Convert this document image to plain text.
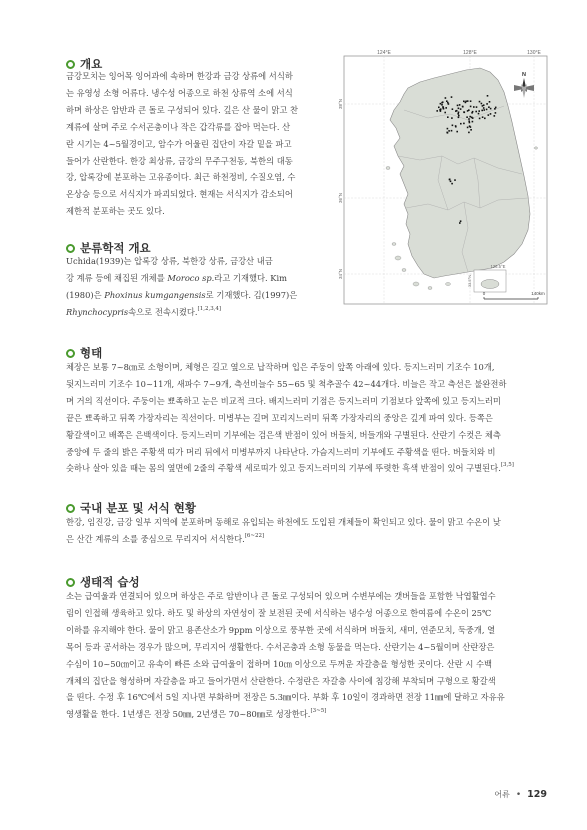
개요
금강모치는 잉어목 잉어과에 속하며 한강과 금강 상류에 서식하
는 유영성 소형 어류다. 냉수성 어종으로 하천 상류역 소에 서식
하며 하상은 암반과 큰 돌로 구성되어 있다. 깊은 산 물이 맑고 찬
계류에 살며 주로 수서곤충이나 작은 갑각류를 잡아 먹는다. 산
란 시기는 4~5월경이고, 암수가 어울린 집단이 자갈 밑을 파고
들어가 산란한다. 한강 최상류, 금강의 무주구천동, 북한의 대동
강, 압록강에 분포하는 고유종이다. 최근 하천정비, 수질오염, 수
온상승 등으로 서식지가 파괴되었다. 현재는 서식지가 감소되어
제한적 분포하는 곳도 있다.
분류학적 개요
Uchida(1939)는 압록강 상류, 북한강 상류, 금강산 내금
강 계류 등에 채집된 개체를 Moroco sp.라고 기재했다. Kim
(1980)은 Phoxinus kumgangensis로 기재했다. 김(1997)은
Rhynchocypris속으로 전속시켰다.[1,2,3,4]
124°E	128°E	130°E
38°N
36°N
34°N
N
126.5°E
33.5°N
0	140km
형태
체장은 보통 7~8㎝로 소형이며, 체형은 길고 옆으로 납작하며 입은 주둥이 앞쪽 아래에 있다. 등지느러미 기조수 10개,
뒷지느러미 기조수 10~11개, 새파수 7~9개, 측선비늘수 55~65 및 척추골수 42~44개다. 비늘은 작고 측선은 불완전하
며 거의 직선이다. 주둥이는 뾰족하고 눈은 비교적 크다. 배지느러미 기점은 등지느러미 기점보다 앞쪽에 있고 등지느러미
끝은 뾰족하고 뒤쪽 가장자리는 직선이다. 미병부는 길며 꼬리지느러미 뒤쪽 가장자리의 중앙은 깊게 파여 있다. 등쪽은
황갈색이고 배쪽은 은백색이다. 등지느러미 기부에는 검은색 반점이 있어 버들치, 버들개와 구별된다. 산란기 수컷은 체측
중앙에 두 줄의 밝은 주황색 띠가 머리 뒤에서 미병부까지 나타난다. 가슴지느러미 기부에도 주황색을 띤다. 버들치와 비
슷하나 살아 있을 때는 몸의 옆면에 2줄의 주황색 세로띠가 있고 등지느러미의 기부에 뚜렷한 흑색 반점이 있어 구별된다.[3,5]
국내 분포 및 서식 현황
한강, 임진강, 금강 일부 지역에 분포하며 동해로 유입되는 하천에도 도입된 개체들이 확인되고 있다. 물이 맑고 수온이 낮
은 산간 계류의 소를 중심으로 무리지어 서식한다.[6~22]
생태적 습성
소는 급여울과 연결되어 있으며 하상은 주로 암반이나 큰 돌로 구성되어 있으며 수변부에는 갯버들을 포함한 낙엽활엽수
림이 인접해 생육하고 있다. 하도 및 하상의 자연성이 잘 보전된 곳에 서식하는 냉수성 어종으로 한여름에 수온이 25℃
이하를 유지해야 한다. 물이 맑고 용존산소가 9ppm 이상으로 풍부한 곳에 서식하며 버들치, 새미, 연준모치, 둑중개, 열
목어 등과 공서하는 경우가 많으며, 무리지어 생활한다. 수서곤충과 소형 동물을 먹는다. 산란기는 4~5월이며 산란장은
수심이 10~50㎝이고 유속이 빠른 소와 급여울이 접하며 10㎝ 이상으로 두꺼운 자갈층을 형성한 곳이다. 산란 시 수백
개체의 집단을 형성하며 자갈층을 파고 들어가면서 산란한다. 수정란은 자갈층 사이에 침강해 부착되며 구형으로 황갈색
을 띤다. 수정 후 16℃에서 5일 지나면 부화하며 전장은 5.3㎜이다. 부화 후 10일이 경과하면 전장 11㎜에 달하고 자유유
영생활을 한다. 1년생은 전장 50㎜, 2년생은 70~80㎜로 성장한다.[3~5]
어류 • 129
